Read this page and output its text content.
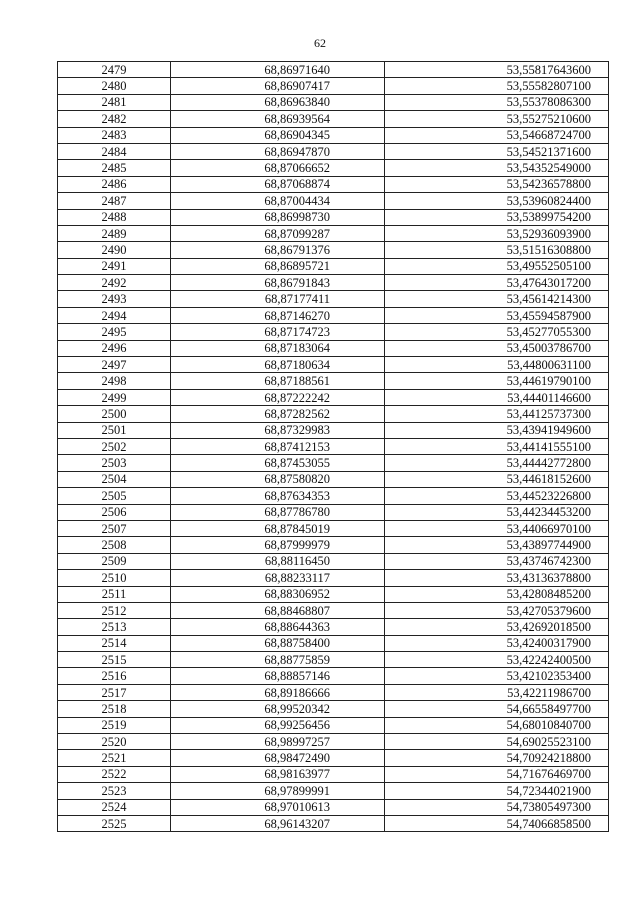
62
2479	68,86971640	53,55817643600
2480	68,86907417	53,55582807100
2481	68,86963840	53,55378086300
2482	68,86939564	53,55275210600
2483	68,86904345	53,54668724700
2484	68,86947870	53,54521371600
2485	68,87066652	53,54352549000
2486	68,87068874	53,54236578800
2487	68,87004434	53,53960824400
2488	68,86998730	53,53899754200
2489	68,87099287	53,52936093900
2490	68,86791376	53,51516308800
2491	68,86895721	53,49552505100
2492	68,86791843	53,47643017200
2493	68,87177411	53,45614214300
2494	68,87146270	53,45594587900
2495	68,87174723	53,45277055300
2496	68,87183064	53,45003786700
2497	68,87180634	53,44800631100
2498	68,87188561	53,44619790100
2499	68,87222242	53,44401146600
2500	68,87282562	53,44125737300
2501	68,87329983	53,43941949600
2502	68,87412153	53,44141555100
2503	68,87453055	53,44442772800
2504	68,87580820	53,44618152600
2505	68,87634353	53,44523226800
2506	68,87786780	53,44234453200
2507	68,87845019	53,44066970100
2508	68,87999979	53,43897744900
2509	68,88116450	53,43746742300
2510	68,88233117	53,43136378800
2511	68,88306952	53,42808485200
2512	68,88468807	53,42705379600
2513	68,88644363	53,42692018500
2514	68,88758400	53,42400317900
2515	68,88775859	53,42242400500
2516	68,88857146	53,42102353400
2517	68,89186666	53,42211986700
2518	68,99520342	54,66558497700
2519	68,99256456	54,68010840700
2520	68,98997257	54,69025523100
2521	68,98472490	54,70924218800
2522	68,98163977	54,71676469700
2523	68,97899991	54,72344021900
2524	68,97010613	54,73805497300
2525	68,96143207	54,74066858500
